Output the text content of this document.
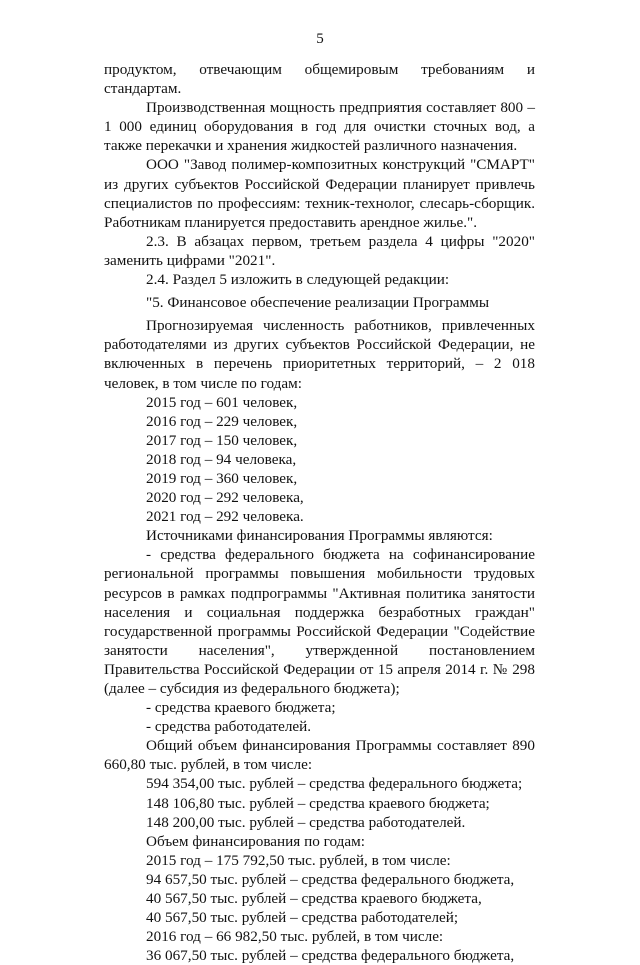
5

продуктом, отвечающим общемировым требованиям и стандартам.

Производственная мощность предприятия составляет 800 – 1 000 единиц оборудования в год для очистки сточных вод, а также перекачки и хранения жидкостей различного назначения.

ООО "Завод полимер-композитных конструкций "СМАРТ" из других субъектов Российской Федерации планирует привлечь специалистов по профессиям: техник-технолог, слесарь-сборщик. Работникам планируется предоставить арендное жилье.".

2.3. В абзацах первом, третьем раздела 4 цифры "2020" заменить цифрами "2021".

2.4. Раздел 5 изложить в следующей редакции:

"5. Финансовое обеспечение реализации Программы

Прогнозируемая численность работников, привлеченных работодателями из других субъектов Российской Федерации, не включенных в перечень приоритетных территорий, – 2 018 человек, в том числе по годам:

2015 год – 601 человек,

2016 год – 229 человек,

2017 год – 150 человек,

2018 год – 94 человека,

2019 год – 360 человек,

2020 год – 292 человека,

2021 год – 292 человека.

Источниками финансирования Программы являются:

- средства федерального бюджета на софинансирование региональной программы повышения мобильности трудовых ресурсов в рамках подпрограммы "Активная политика занятости населения и социальная поддержка безработных граждан" государственной программы Российской Федерации "Содействие занятости населения", утвержденной постановлением Правительства Российской Федерации от 15 апреля 2014 г. № 298 (далее – субсидия из федерального бюджета);

- средства краевого бюджета;

- средства работодателей.

Общий объем финансирования Программы составляет 890 660,80 тыс. рублей, в том числе:

594 354,00 тыс. рублей – средства федерального бюджета;

148 106,80 тыс. рублей – средства краевого бюджета;

148 200,00 тыс. рублей – средства работодателей.

Объем финансирования по годам:

2015 год – 175 792,50 тыс. рублей, в том числе:

94 657,50 тыс. рублей – средства федерального бюджета,

40 567,50 тыс. рублей – средства краевого бюджета,

40 567,50 тыс. рублей – средства работодателей;

2016 год – 66 982,50 тыс. рублей, в том числе:

36 067,50 тыс. рублей – средства федерального бюджета,
